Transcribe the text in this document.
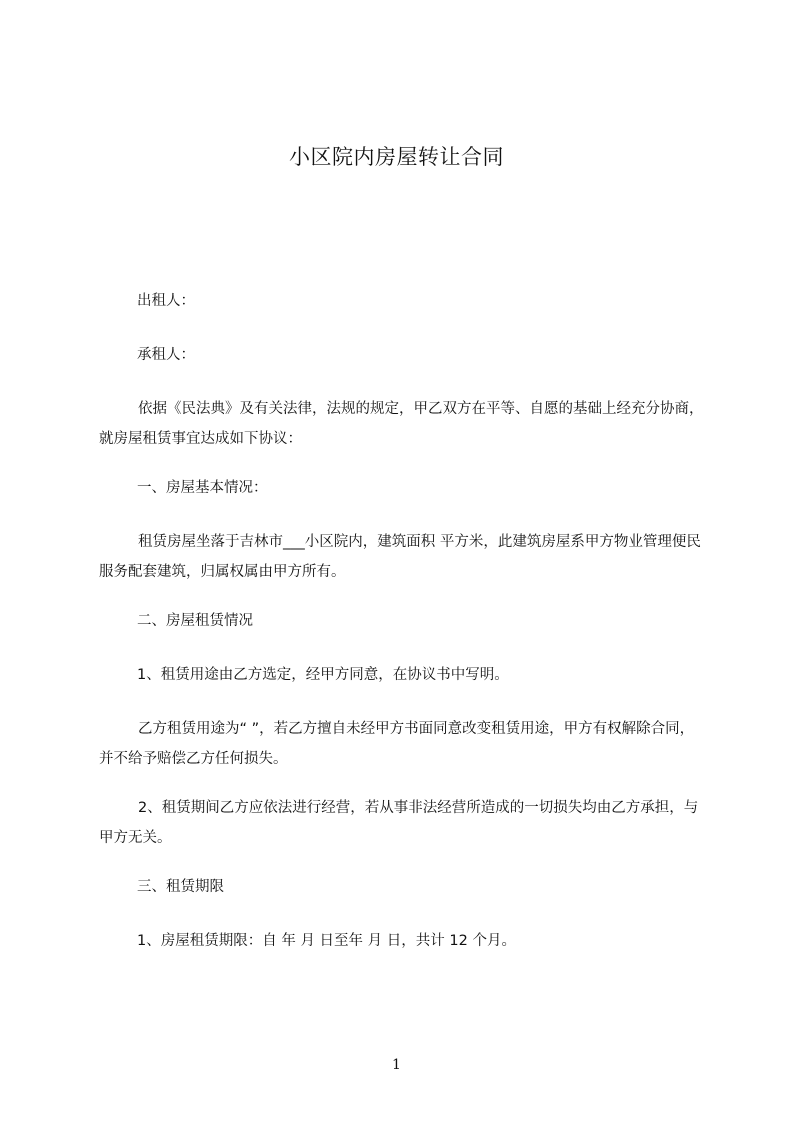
小区院内房屋转让合同

出租人：

承租人：

依据《民法典》及有关法律，法规的规定，甲乙双方在平等、自愿的基础上经充分协商，就房屋租赁事宜达成如下协议：

一、房屋基本情况：

租赁房屋坐落于吉林市___小区院内，建筑面积 平方米，此建筑房屋系甲方物业管理便民服务配套建筑，归属权属由甲方所有。

二、房屋租赁情况

1、租赁用途由乙方选定，经甲方同意，在协议书中写明。

乙方租赁用途为“ ”，若乙方擅自未经甲方书面同意改变租赁用途，甲方有权解除合同，并不给予赔偿乙方任何损失。

2、租赁期间乙方应依法进行经营，若从事非法经营所造成的一切损失均由乙方承担，与甲方无关。

三、租赁期限

1、房屋租赁期限：自 年 月 日至年 月 日，共计 12 个月。

1
